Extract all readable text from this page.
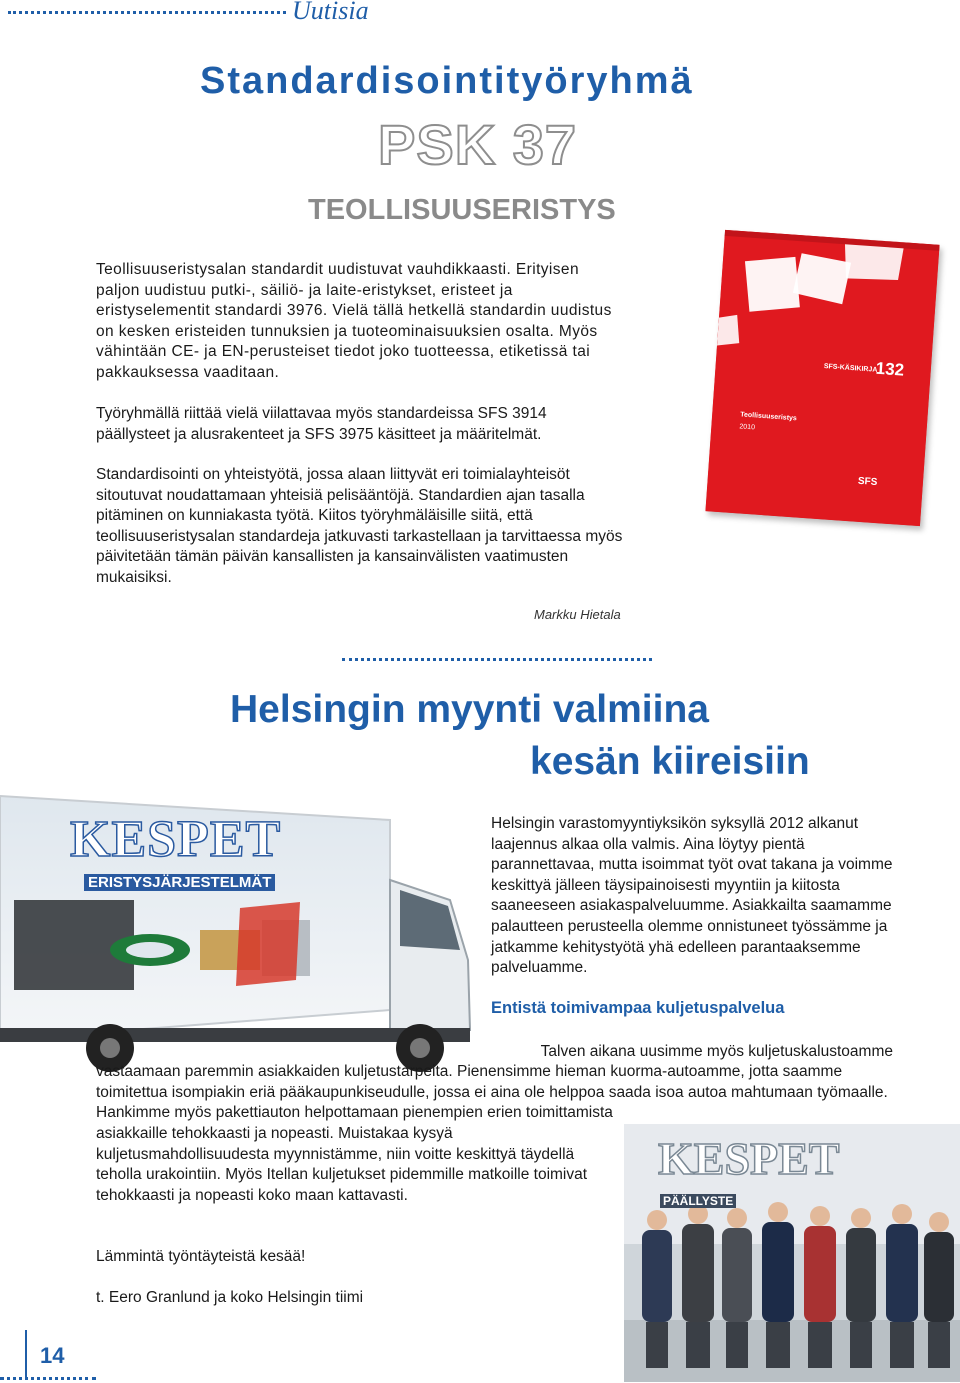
Uutisia
Standardisointityöryhmä
PSK 37
TEOLLISUUSERISTYS

Teollisuuseristysalan standardit uudistuvat vauhdikkaasti. Erityisen paljon uudistuu putki-, säiliö- ja laite-eristykset, eristeet ja eristyselementit standardi 3976. Vielä tällä hetkellä standardin uudistus on kesken eristeiden tunnuksien ja tuoteominaisuuksien osalta. Myös vähintään CE- ja EN-perusteiset tiedot joko tuotteessa, etiketissä tai pakkauksessa vaaditaan.

Työryhmällä riittää vielä viilattavaa myös standardeissa SFS 3914 päällysteet ja alusrakenteet ja SFS 3975 käsitteet ja määritelmät.

Standardisointi on yhteistyötä, jossa alaan liittyvät eri toimialayhteisöt sitoutuvat noudattamaan yhteisiä pelisääntöjä. Standardien ajan tasalla pitäminen on kunniakasta työtä. Kiitos työryhmäläisille siitä, että teollisuuseristysalan standardeja jatkuvasti tarkastellaan ja tarvittaessa myös päivitetään tämän päivän kansallisten ja kansainvälisten vaatimusten mukaisiksi.

Markku Hietala
SFS-KÄSIKIRJA
132
Teollisuuseristys
2010
SFS
Helsingin myynti valmiina
kesän kiireisiin
KESPET
ERISTYSJÄRJESTELMÄT

Helsingin varastomyyntiyksikön syksyllä 2012 alkanut laajennus alkaa olla valmis. Aina löytyy pientä parannettavaa, mutta isoimmat työt ovat takana ja voimme keskittyä jälleen täysipainoisesti myyntiin ja kiitosta saaneeseen asiakaspalveluumme. Asiakkailta saamamme palautteen perusteella olemme onnistuneet työssämme ja jatkamme kehitystyötä yhä edelleen parantaaksemme palveluamme.

Entistä toimivampaa kuljetuspalvelua

Talven aikana uusimme myös kuljetuskalustoamme

vastaamaan paremmin asiakkaiden kuljetustarpeita. Pienensimme hieman kuorma-autoamme, jotta saamme toimitettua isompiakin eriä pääkaupunkiseudulle, jossa ei aina ole helppoa saada isoa autoa mahtumaan työmaalle. Hankimme myös pakettiauton helpottamaan pienempien erien toimittamista

asiakkaille tehokkaasti ja nopeasti. Muistakaa kysyä kuljetusmahdollisuudesta myynnistämme, niin voitte keskittyä täydellä teholla urakointiin. Myös Itellan kuljetukset pidemmille matkoille toimivat tehokkaasti ja nopeasti koko maan kattavasti.

KESPET
PÄÄLLYSTE
Lämmintä työntäyteistä kesää!
t. Eero Granlund ja koko Helsingin tiimi
14
